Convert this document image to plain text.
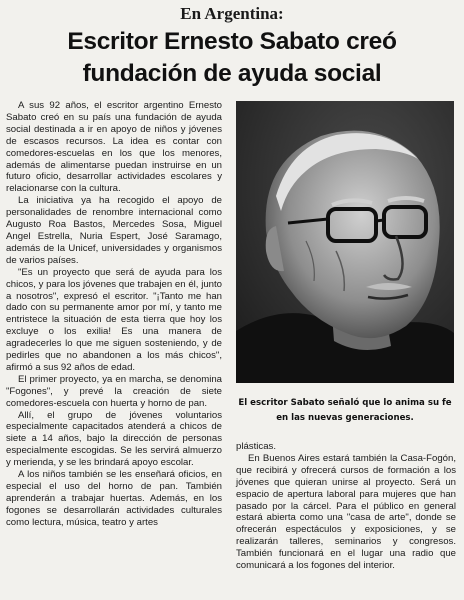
En Argentina:
Escritor Ernesto Sabato creó
fundación de ayuda social

A sus 92 años, el escritor argentino Ernesto Sabato creó en su país una fundación de ayuda social destinada a ir en apoyo de niños y jóvenes de escasos recursos. La idea es contar con comedores-escuelas en los que los menores, además de alimentarse puedan instruirse en un futuro oficio, desarrollar actividades escolares y relacionarse con la cultura.

La iniciativa ya ha recogido el apoyo de personalidades de renombre internacional como Augusto Roa Bastos, Mercedes Sosa, Miguel Angel Estrella, Nuria Espert, José Saramago, además de la Unicef, universidades y organismos de varios países.

"Es un proyecto que será de ayuda para los chicos, y para los jóvenes que trabajen en él, junto a nosotros", expresó el escritor. "¡Tanto me han dado con su permanente amor por mí, y tanto me entristece la situación de esta tierra que hoy los excluye o los exilia! Es una manera de agradecerles lo que me siguen sosteniendo, y de pedirles que no abandonen a los más chicos", afirmó a sus 92 años de edad.

El primer proyecto, ya en marcha, se denomina "Fogones", y prevé la creación de siete comedores-escuela con huerta y horno de pan.

Allí, el grupo de jóvenes voluntarios especialmente capacitados atenderá a chicos de siete a 14 años, bajo la dirección de personas especialmente escogidas. Se les servirá almuerzo y merienda, y se les brindará apoyo escolar.

A los niños también se les enseñará oficios, en especial el uso del horno de pan. También aprenderán a trabajar huertas. Además, en los fogones se desarrollarán actividades culturales como lectura, música, teatro y artes

El escritor Sabato señaló que lo anima su fe
en las nuevas generaciones.

plásticas.

En Buenos Aires estará también la Casa-Fogón, que recibirá y ofrecerá cursos de formación a los jóvenes que quieran unirse al proyecto. Será un espacio de apertura laboral para mujeres que han pasado por la cárcel. Para el público en general estará abierta como una "casa de arte", donde se ofrecerán espectáculos y exposiciones, y se realizarán talleres, seminarios y congresos. También funcionará en el lugar una radio que comunicará a los fogones del interior.
